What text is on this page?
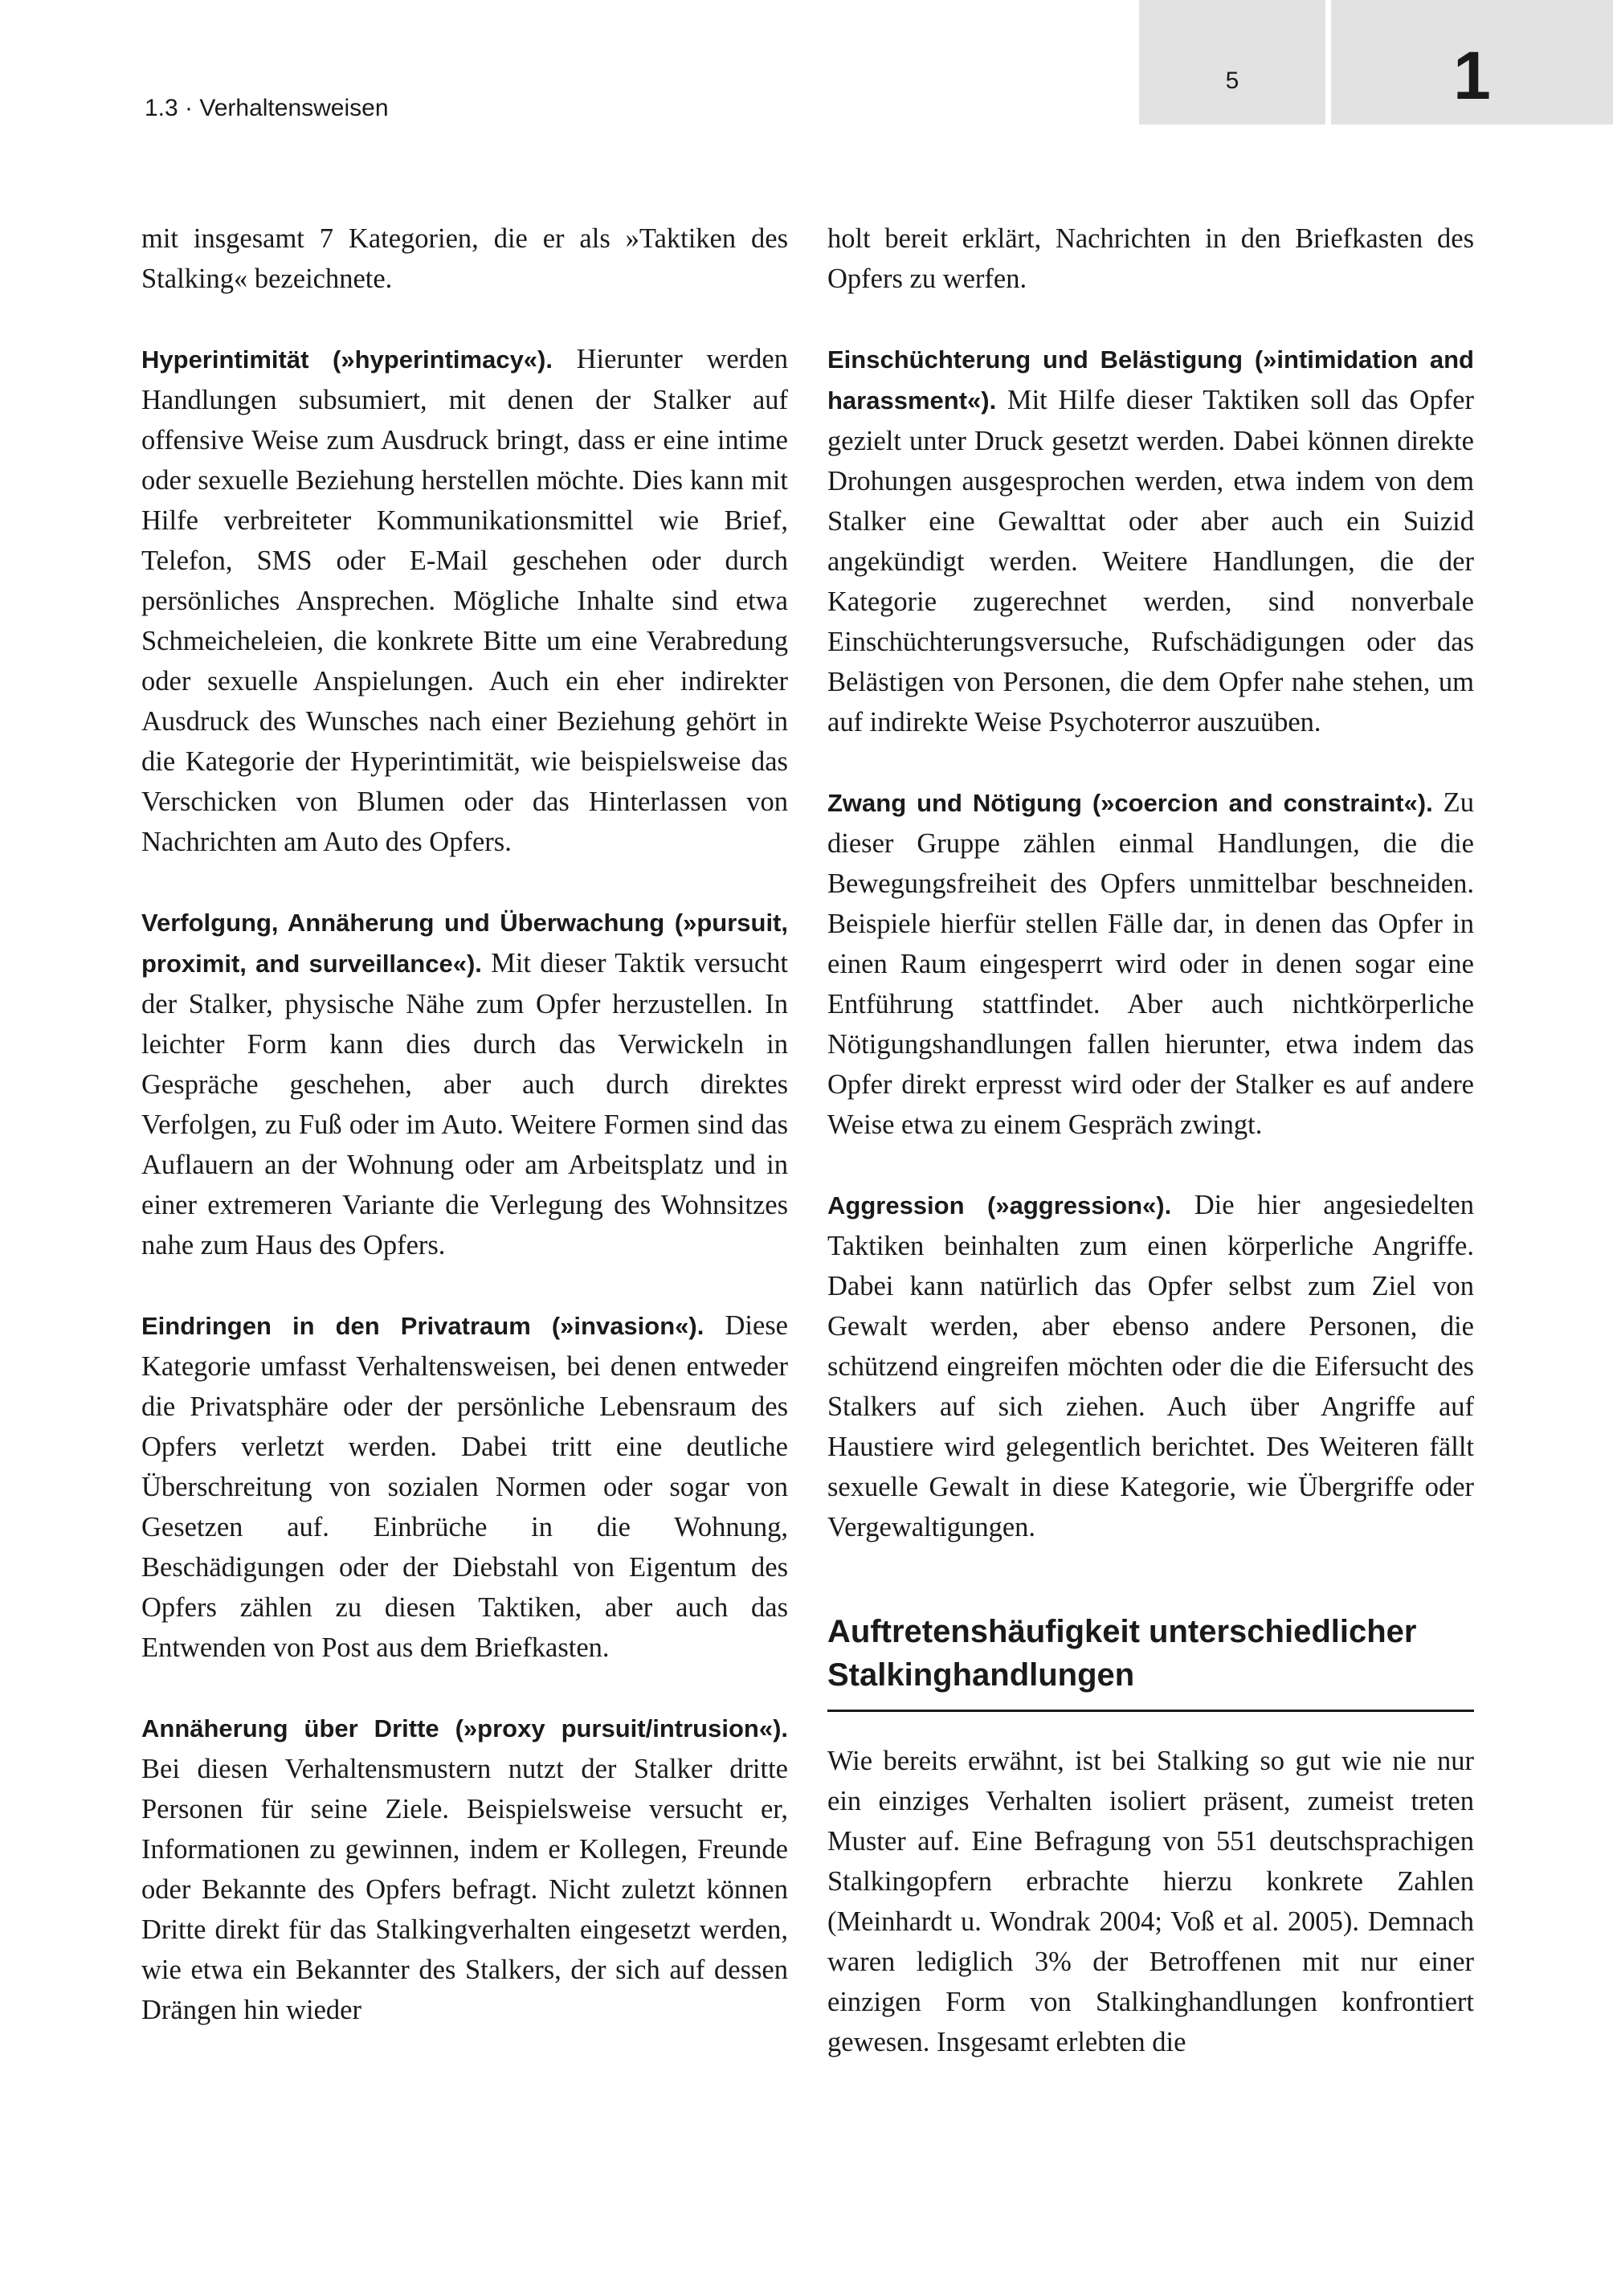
1.3 · Verhaltensweisen
5	1

mit insgesamt 7 Kategorien, die er als »Taktiken des Stalking« bezeichnete.

Hyperintimität (»hyperintimacy«). Hierunter werden Handlungen subsumiert, mit denen der Stalker auf offensive Weise zum Ausdruck bringt, dass er eine intime oder sexuelle Beziehung herstellen möchte. Dies kann mit Hilfe verbreiteter Kommunikationsmittel wie Brief, Telefon, SMS oder E-Mail geschehen oder durch persönliches Ansprechen. Mögliche Inhalte sind etwa Schmeicheleien, die konkrete Bitte um eine Verabredung oder sexuelle Anspielungen. Auch ein eher indirekter Ausdruck des Wunsches nach einer Beziehung gehört in die Kategorie der Hyperintimität, wie beispielsweise das Verschicken von Blumen oder das Hinterlassen von Nachrichten am Auto des Opfers.

Verfolgung, Annäherung und Überwachung (»pursuit, proximit, and surveillance«). Mit dieser Taktik versucht der Stalker, physische Nähe zum Opfer herzustellen. In leichter Form kann dies durch das Verwickeln in Gespräche geschehen, aber auch durch direktes Verfolgen, zu Fuß oder im Auto. Weitere Formen sind das Auflauern an der Wohnung oder am Arbeitsplatz und in einer extremeren Variante die Verlegung des Wohnsitzes nahe zum Haus des Opfers.

Eindringen in den Privatraum (»invasion«). Diese Kategorie umfasst Verhaltensweisen, bei denen entweder die Privatsphäre oder der persönliche Lebensraum des Opfers verletzt werden. Dabei tritt eine deutliche Überschreitung von sozialen Normen oder sogar von Gesetzen auf. Einbrüche in die Wohnung, Beschädigungen oder der Diebstahl von Eigentum des Opfers zählen zu diesen Taktiken, aber auch das Entwenden von Post aus dem Briefkasten.

Annäherung über Dritte (»proxy pursuit/intrusion«). Bei diesen Verhaltensmustern nutzt der Stalker dritte Personen für seine Ziele. Beispielsweise versucht er, Informationen zu gewinnen, indem er Kollegen, Freunde oder Bekannte des Opfers befragt. Nicht zuletzt können Dritte direkt für das Stalkingverhalten eingesetzt werden, wie etwa ein Bekannter des Stalkers, der sich auf dessen Drängen hin wieder

holt bereit erklärt, Nachrichten in den Briefkasten des Opfers zu werfen.

Einschüchterung und Belästigung (»intimidation and harassment«). Mit Hilfe dieser Taktiken soll das Opfer gezielt unter Druck gesetzt werden. Dabei können direkte Drohungen ausgesprochen werden, etwa indem von dem Stalker eine Gewalttat oder aber auch ein Suizid angekündigt werden. Weitere Handlungen, die der Kategorie zugerechnet werden, sind nonverbale Einschüchterungsversuche, Rufschädigungen oder das Belästigen von Personen, die dem Opfer nahe stehen, um auf indirekte Weise Psychoterror auszuüben.

Zwang und Nötigung (»coercion and constraint«). Zu dieser Gruppe zählen einmal Handlungen, die die Bewegungsfreiheit des Opfers unmittelbar beschneiden. Beispiele hierfür stellen Fälle dar, in denen das Opfer in einen Raum eingesperrt wird oder in denen sogar eine Entführung stattfindet. Aber auch nichtkörperliche Nötigungshandlungen fallen hierunter, etwa indem das Opfer direkt erpresst wird oder der Stalker es auf andere Weise etwa zu einem Gespräch zwingt.

Aggression (»aggression«). Die hier angesiedelten Taktiken beinhalten zum einen körperliche Angriffe. Dabei kann natürlich das Opfer selbst zum Ziel von Gewalt werden, aber ebenso andere Personen, die schützend eingreifen möchten oder die die Eifersucht des Stalkers auf sich ziehen. Auch über Angriffe auf Haustiere wird gelegentlich berichtet. Des Weiteren fällt sexuelle Gewalt in diese Kategorie, wie Übergriffe oder Vergewaltigungen.

Auftretenshäufigkeit unterschiedlicher Stalkinghandlungen

Wie bereits erwähnt, ist bei Stalking so gut wie nie nur ein einziges Verhalten isoliert präsent, zumeist treten Muster auf. Eine Befragung von 551 deutschsprachigen Stalkingopfern erbrachte hierzu konkrete Zahlen (Meinhardt u. Wondrak 2004; Voß et al. 2005). Demnach waren lediglich 3% der Betroffenen mit nur einer einzigen Form von Stalkinghandlungen konfrontiert gewesen. Insgesamt erlebten die
